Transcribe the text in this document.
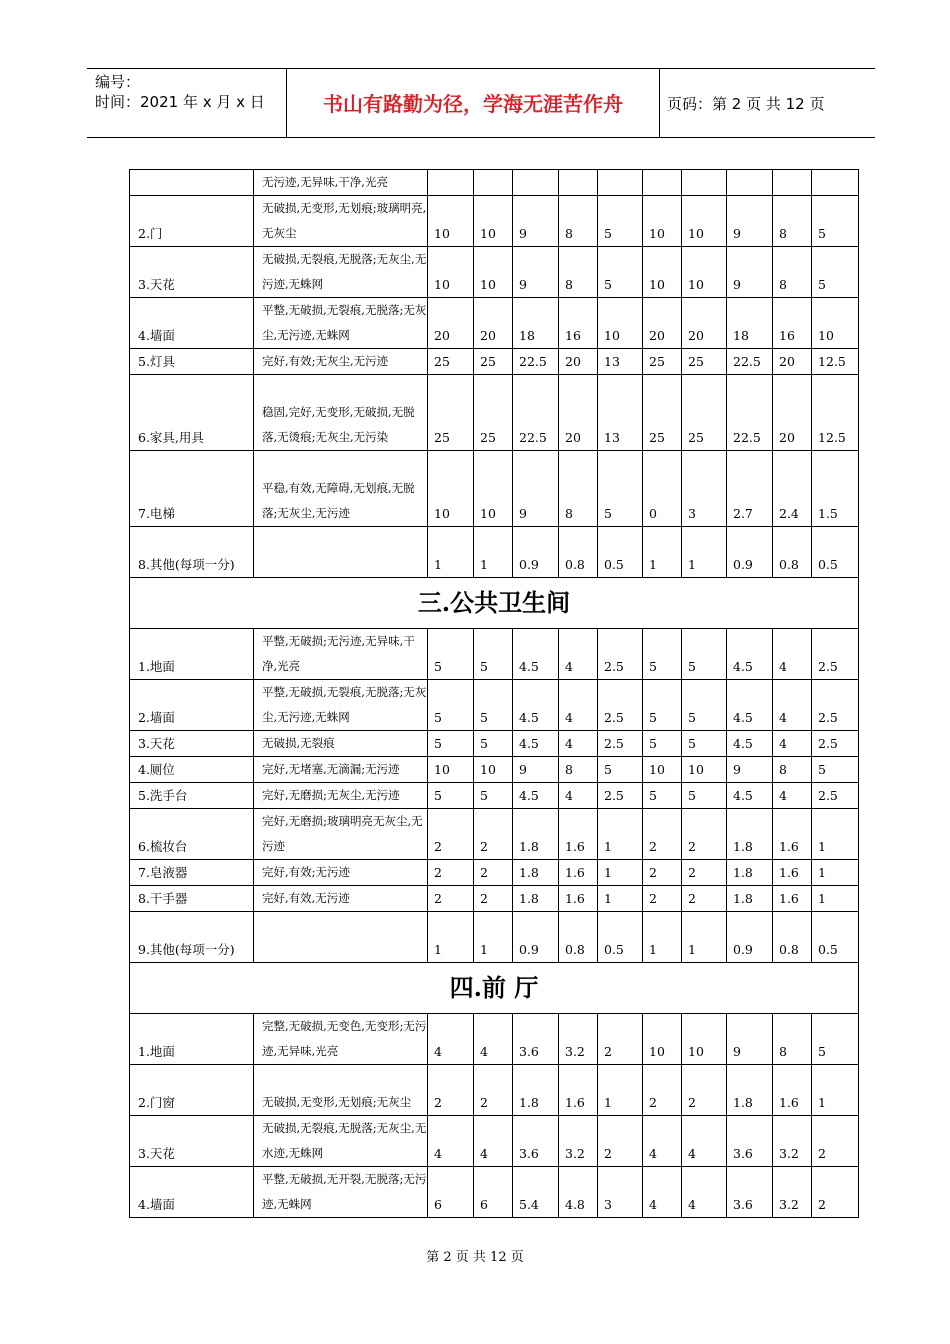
编号：
时间：2021 年 x 月 x 日	书山有路勤为径，学海无涯苦作舟	页码：第 2 页 共 12 页
	无污迹,无异味,干净,光亮										
2.门	无破损,无变形,无划痕;玻璃明亮,无灰尘	10	10	9	8	5	10	10	9	8	5
3.天花	无破损,无裂痕,无脱落;无灰尘,无污迹,无蛛网	10	10	9	8	5	10	10	9	8	5
4.墙面	平整,无破损,无裂痕,无脱落;无灰尘,无污迹,无蛛网	20	20	18	16	10	20	20	18	16	10
5.灯具	完好,有效;无灰尘,无污迹	25	25	22.5	20	13	25	25	22.5	20	12.5
6.家具,用具	稳固,完好,无变形,无破损,无脱落,无烫痕;无灰尘,无污染	25	25	22.5	20	13	25	25	22.5	20	12.5
7.电梯	平稳,有效,无障碍,无划痕,无脱落;无灰尘,无污迹	10	10	9	8	5	0	3	2.7	2.4	1.5
8.其他(每项一分)		1	1	0.9	0.8	0.5	1	1	0.9	0.8	0.5
三.公共卫生间											
1.地面	平整,无破损;无污迹,无异味,干净,光亮	5	5	4.5	4	2.5	5	5	4.5	4	2.5
2.墙面	平整,无破损,无裂痕,无脱落;无灰尘,无污迹,无蛛网	5	5	4.5	4	2.5	5	5	4.5	4	2.5
3.天花	无破损,无裂痕	5	5	4.5	4	2.5	5	5	4.5	4	2.5
4.厕位	完好,无堵塞,无滴漏;无污迹	10	10	9	8	5	10	10	9	8	5
5.洗手台	完好,无磨损;无灰尘,无污迹	5	5	4.5	4	2.5	5	5	4.5	4	2.5
6.梳妆台	完好,无磨损;玻璃明亮无灰尘,无污迹	2	2	1.8	1.6	1	2	2	1.8	1.6	1
7.皂液器	完好,有效;无污迹	2	2	1.8	1.6	1	2	2	1.8	1.6	1
8.干手器	完好,有效,无污迹	2	2	1.8	1.6	1	2	2	1.8	1.6	1
9.其他(每项一分)		1	1	0.9	0.8	0.5	1	1	0.9	0.8	0.5
四.前 厅											
1.地面	完整,无破损,无变色,无变形;无污迹,无异味,光亮	4	4	3.6	3.2	2	10	10	9	8	5
2.门窗	无破损,无变形,无划痕;无灰尘	2	2	1.8	1.6	1	2	2	1.8	1.6	1
3.天花	无破损,无裂痕,无脱落;无灰尘,无水迹,无蛛网	4	4	3.6	3.2	2	4	4	3.6	3.2	2
4.墙面	平整,无破损,无开裂,无脱落;无污迹,无蛛网	6	6	5.4	4.8	3	4	4	3.6	3.2	2
第 2 页 共 12 页
